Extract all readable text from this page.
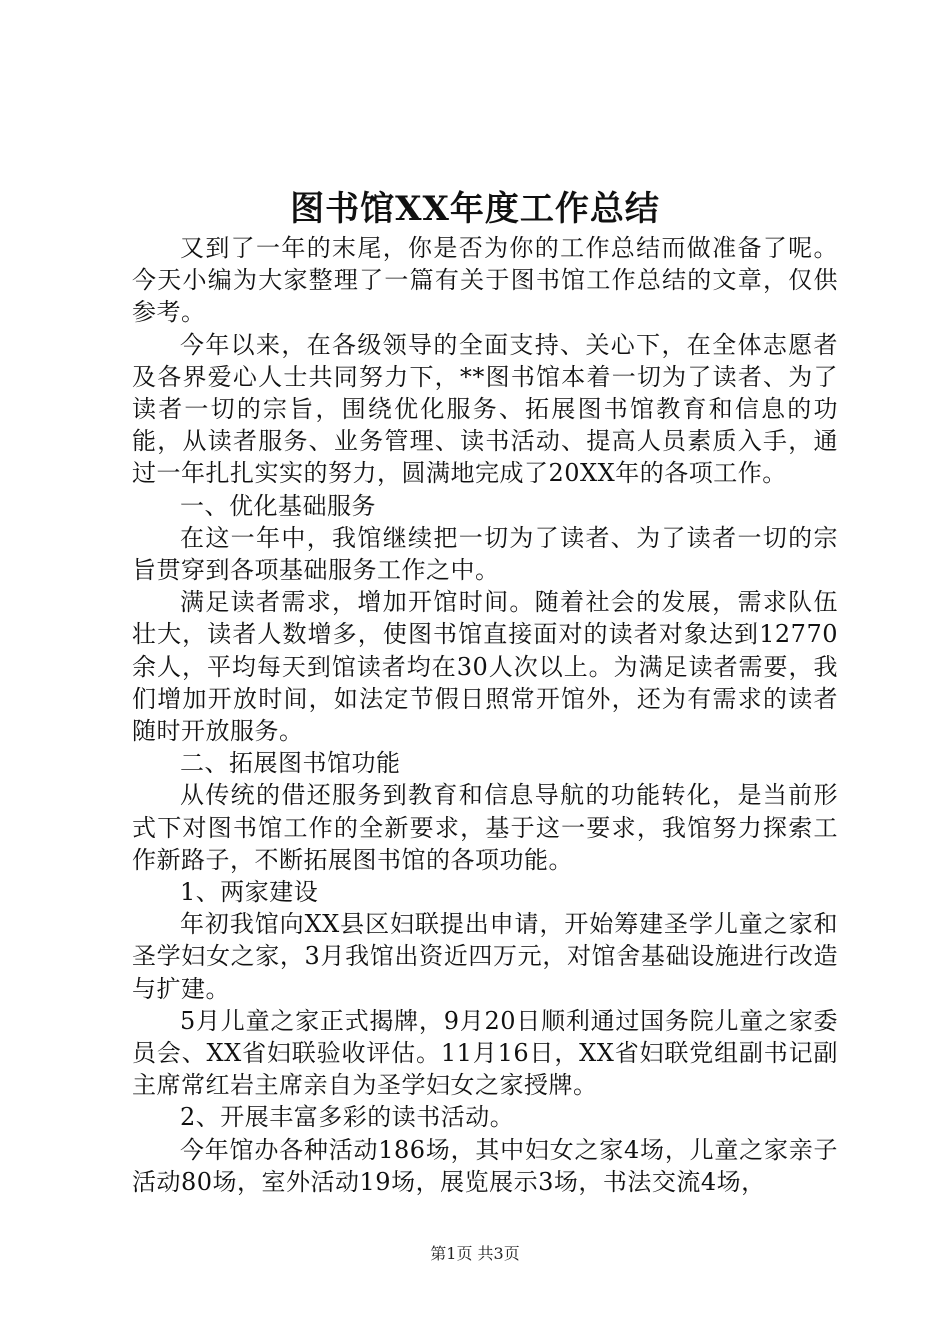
图书馆XX年度工作总结

又到了一年的末尾，你是否为你的工作总结而做准备了呢。今天小编为大家整理了一篇有关于图书馆工作总结的文章，仅供参考。

今年以来，在各级领导的全面支持、关心下，在全体志愿者及各界爱心人士共同努力下，**图书馆本着一切为了读者、为了读者一切的宗旨，围绕优化服务、拓展图书馆教育和信息的功能，从读者服务、业务管理、读书活动、提高人员素质入手，通过一年扎扎实实的努力，圆满地完成了20XX年的各项工作。

一、优化基础服务

在这一年中，我馆继续把一切为了读者、为了读者一切的宗旨贯穿到各项基础服务工作之中。

满足读者需求，增加开馆时间。随着社会的发展，需求队伍壮大，读者人数增多，使图书馆直接面对的读者对象达到12770余人，平均每天到馆读者均在30人次以上。为满足读者需要，我们增加开放时间，如法定节假日照常开馆外，还为有需求的读者随时开放服务。

二、拓展图书馆功能

从传统的借还服务到教育和信息导航的功能转化，是当前形式下对图书馆工作的全新要求，基于这一要求，我馆努力探索工作新路子，不断拓展图书馆的各项功能。

1、两家建设

年初我馆向XX县区妇联提出申请，开始筹建圣学儿童之家和圣学妇女之家，3月我馆出资近四万元，对馆舍基础设施进行改造与扩建。

5月儿童之家正式揭牌，9月20日顺利通过国务院儿童之家委员会、XX省妇联验收评估。11月16日，XX省妇联党组副书记副主席常红岩主席亲自为圣学妇女之家授牌。

2、开展丰富多彩的读书活动。

今年馆办各种活动186场，其中妇女之家4场，儿童之家亲子活动80场，室外活动19场，展览展示3场，书法交流4场，

第1页 共3页
